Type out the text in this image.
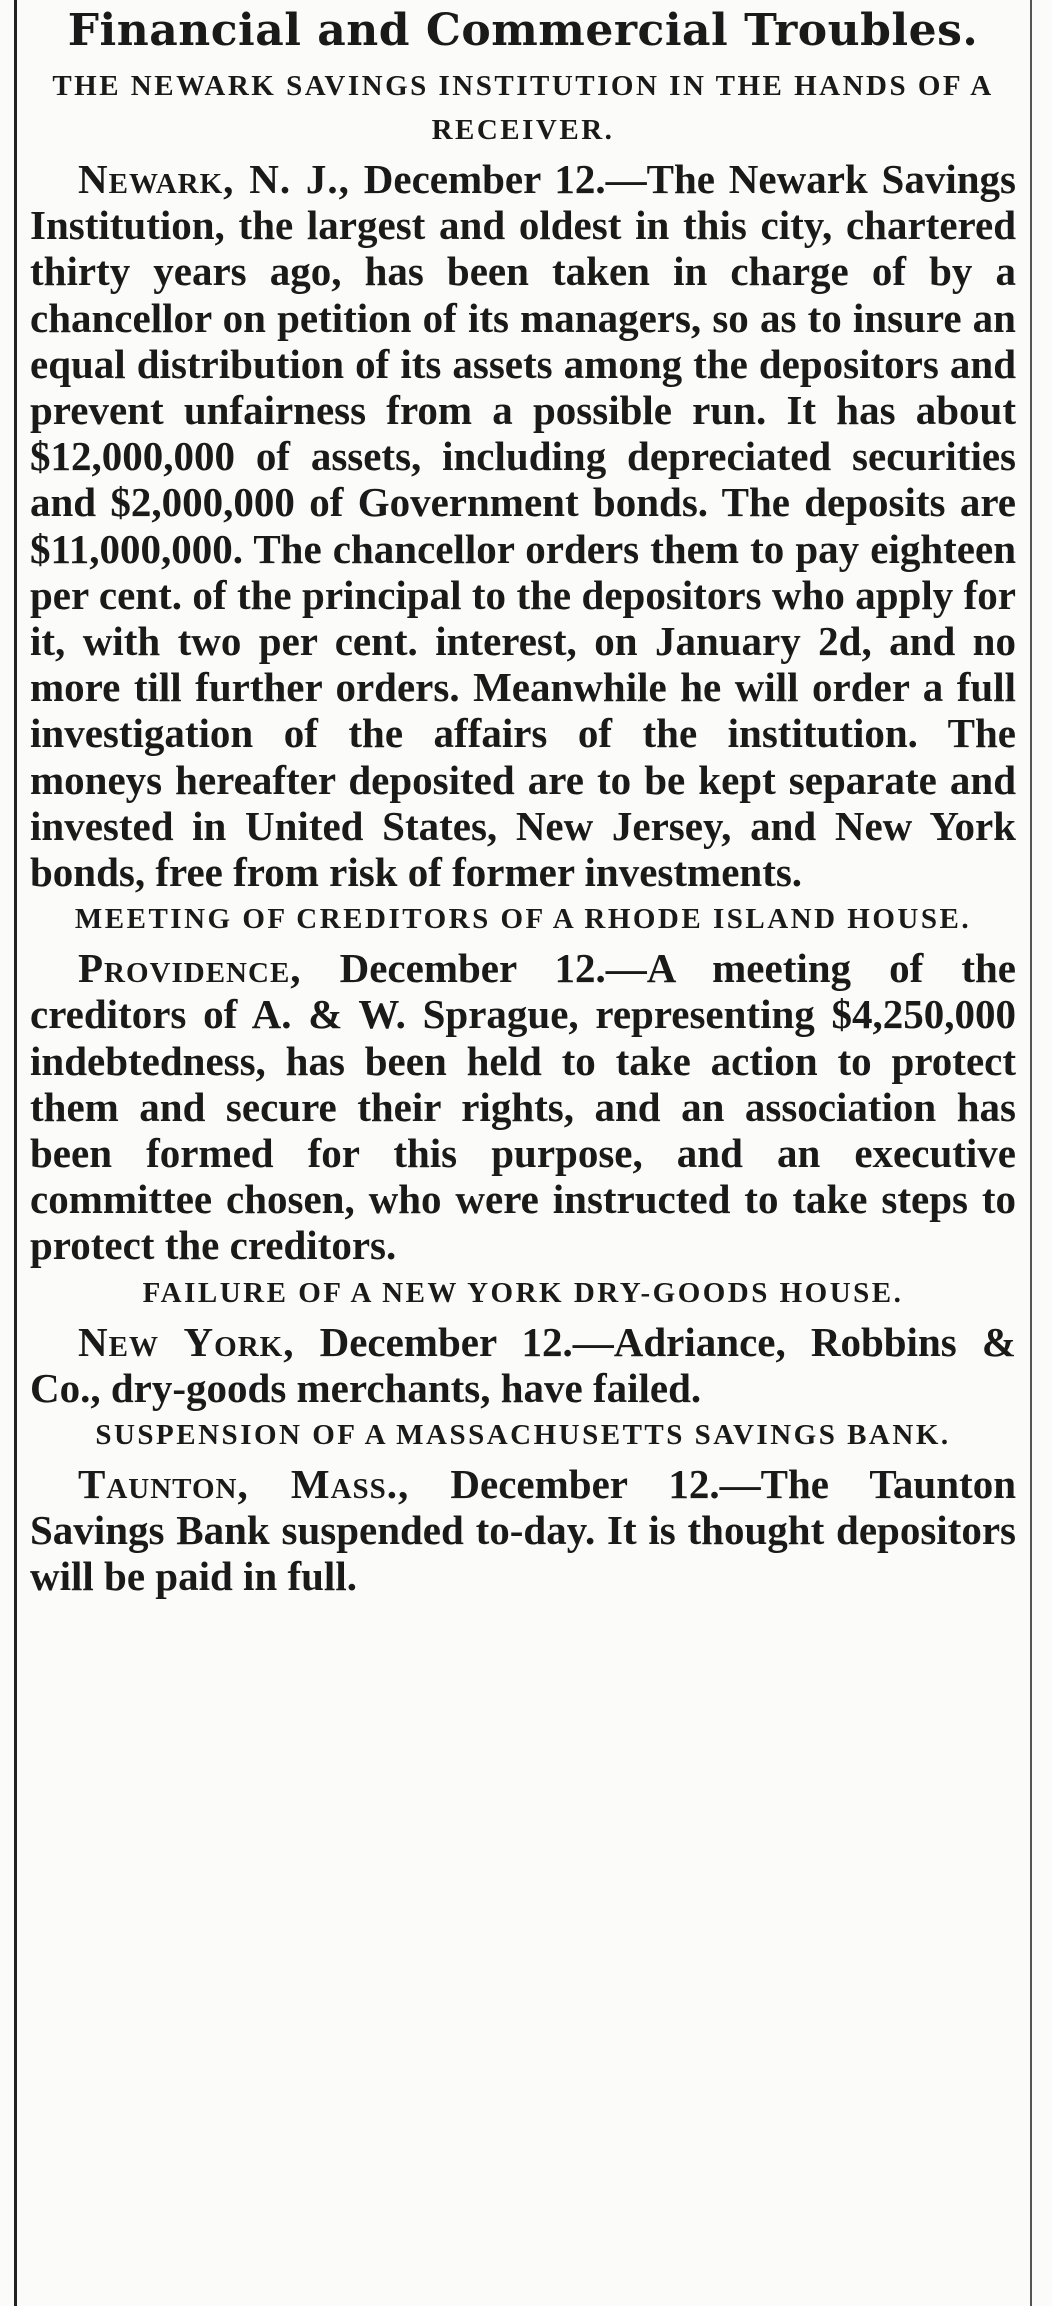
Financial and Commercial Troubles.
THE NEWARK SAVINGS INSTITUTION IN THE HANDS OF A RECEIVER.

Newark, N. J., December 12.—The Newark Savings Institution, the largest and oldest in this city, chartered thirty years ago, has been taken in charge of by a chancellor on petition of its managers, so as to insure an equal distribution of its assets among the depositors and prevent unfairness from a possible run. It has about $12,000,000 of assets, including depreciated securities and $2,000,000 of Government bonds. The deposits are $11,000,000. The chancellor orders them to pay eighteen per cent. of the principal to the depositors who apply for it, with two per cent. interest, on January 2d, and no more till further orders. Meanwhile he will order a full investigation of the affairs of the institution. The moneys hereafter deposited are to be kept separate and invested in United States, New Jersey, and New York bonds, free from risk of former investments.

MEETING OF CREDITORS OF A RHODE ISLAND HOUSE.

Providence, December 12.—A meeting of the creditors of A. & W. Sprague, representing $4,250,000 indebtedness, has been held to take action to protect them and secure their rights, and an association has been formed for this purpose, and an executive committee chosen, who were instructed to take steps to protect the creditors.

FAILURE OF A NEW YORK DRY-GOODS HOUSE.

New York, December 12.—Adriance, Robbins & Co., dry-goods merchants, have failed.

SUSPENSION OF A MASSACHUSETTS SAVINGS BANK.

Taunton, Mass., December 12.—The Taunton Savings Bank suspended to-day. It is thought depositors will be paid in full.
